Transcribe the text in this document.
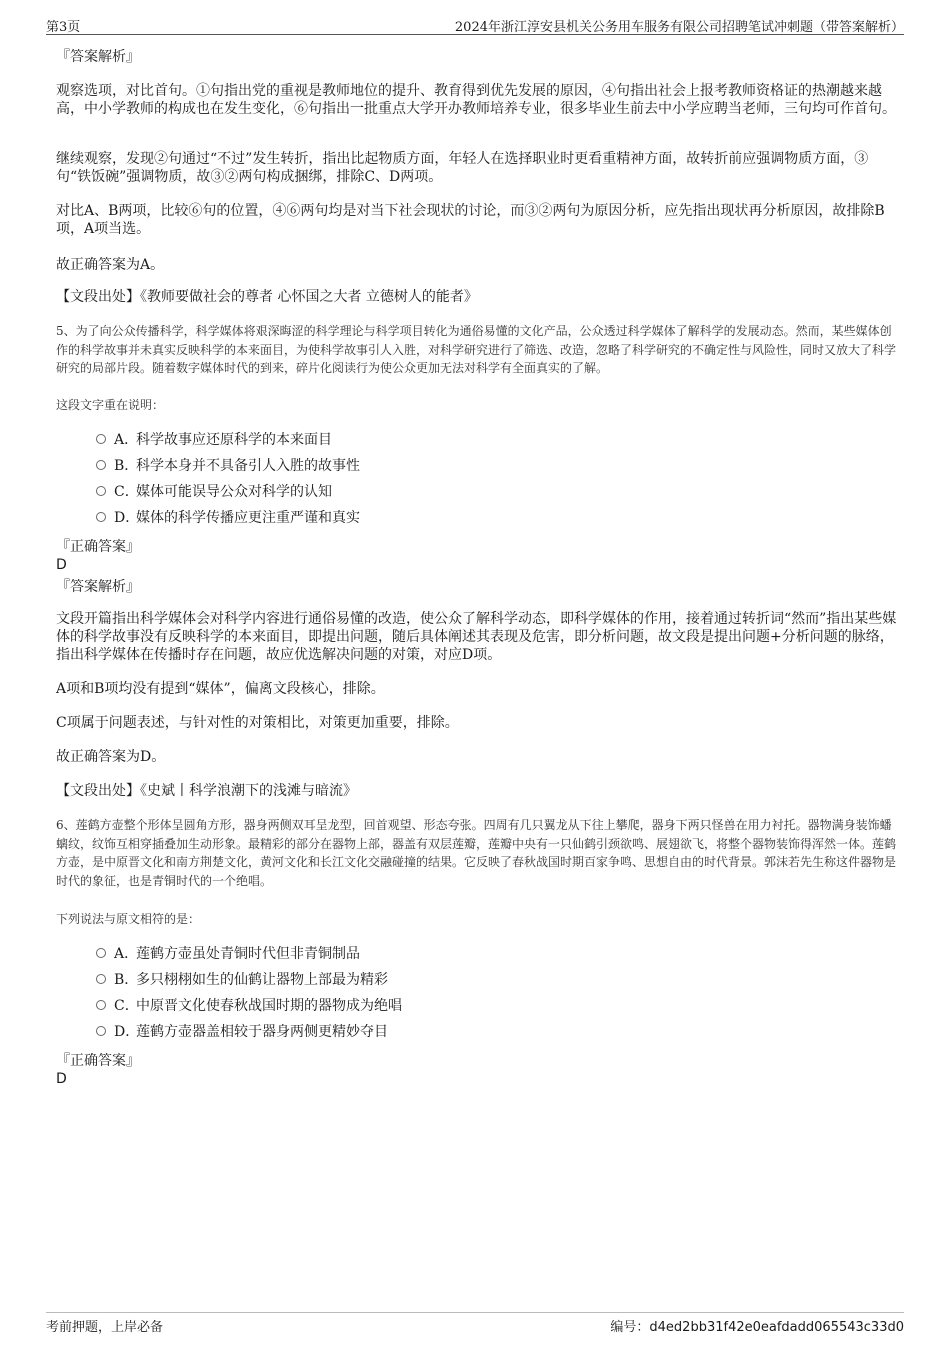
第3页	2024年浙江淳安县机关公务用车服务有限公司招聘笔试冲刺题（带答案解析）
『答案解析』
观察选项，对比首句。①句指出党的重视是教师地位的提升、教育得到优先发展的原因，④句指出社会上报考教师资格证的热潮越来越高，中小学教师的构成也在发生变化，⑥句指出一批重点大学开办教师培养专业，很多毕业生前去中小学应聘当老师，三句均可作首句。
继续观察，发现②句通过“不过”发生转折，指出比起物质方面，年轻人在选择职业时更看重精神方面，故转折前应强调物质方面，③句“铁饭碗”强调物质，故③②两句构成捆绑，排除C、D两项。
对比A、B两项，比较⑥句的位置，④⑥两句均是对当下社会现状的讨论，而③②两句为原因分析，应先指出现状再分析原因，故排除B项，A项当选。
故正确答案为A。
【文段出处】《教师要做社会的尊者 心怀国之大者 立德树人的能者》
5、为了向公众传播科学，科学媒体将艰深晦涩的科学理论与科学项目转化为通俗易懂的文化产品，公众透过科学媒体了解科学的发展动态。然而，某些媒体创作的科学故事并未真实反映科学的本来面目，为使科学故事引人入胜，对科学研究进行了筛选、改造，忽略了科学研究的不确定性与风险性，同时又放大了科学研究的局部片段。随着数字媒体时代的到来，碎片化阅读行为使公众更加无法对科学有全面真实的了解。
这段文字重在说明：
A．科学故事应还原科学的本来面目
B．科学本身并不具备引人入胜的故事性
C．媒体可能误导公众对科学的认知
D．媒体的科学传播应更注重严谨和真实
『正确答案』
D
『答案解析』
文段开篇指出科学媒体会对科学内容进行通俗易懂的改造，使公众了解科学动态，即科学媒体的作用，接着通过转折词“然而”指出某些媒体的科学故事没有反映科学的本来面目，即提出问题，随后具体阐述其表现及危害，即分析问题，故文段是提出问题+分析问题的脉络，指出科学媒体在传播时存在问题，故应优选解决问题的对策，对应D项。
A项和B项均没有提到“媒体”，偏离文段核心，排除。
C项属于问题表述，与针对性的对策相比，对策更加重要，排除。
故正确答案为D。
【文段出处】《史斌丨科学浪潮下的浅滩与暗流》
6、莲鹤方壶整个形体呈圆角方形，器身两侧双耳呈龙型，回首观望、形态夸张。四周有几只翼龙从下往上攀爬，器身下两只怪兽在用力衬托。器物满身装饰蟠螭纹，纹饰互相穿插叠加生动形象。最精彩的部分在器物上部，器盖有双层莲瓣，莲瓣中央有一只仙鹤引颈欲鸣、展翅欲飞，将整个器物装饰得浑然一体。莲鹤方壶，是中原晋文化和南方荆楚文化，黄河文化和长江文化交融碰撞的结果。它反映了春秋战国时期百家争鸣、思想自由的时代背景。郭沫若先生称这件器物是时代的象征，也是青铜时代的一个绝唱。
下列说法与原文相符的是：
A．莲鹤方壶虽处青铜时代但非青铜制品
B．多只栩栩如生的仙鹤让器物上部最为精彩
C．中原晋文化使春秋战国时期的器物成为绝唱
D．莲鹤方壶器盖相较于器身两侧更精妙夺目
『正确答案』
D
考前押题，上岸必备	编号：d4ed2bb31f42e0eafdadd065543c33d0
